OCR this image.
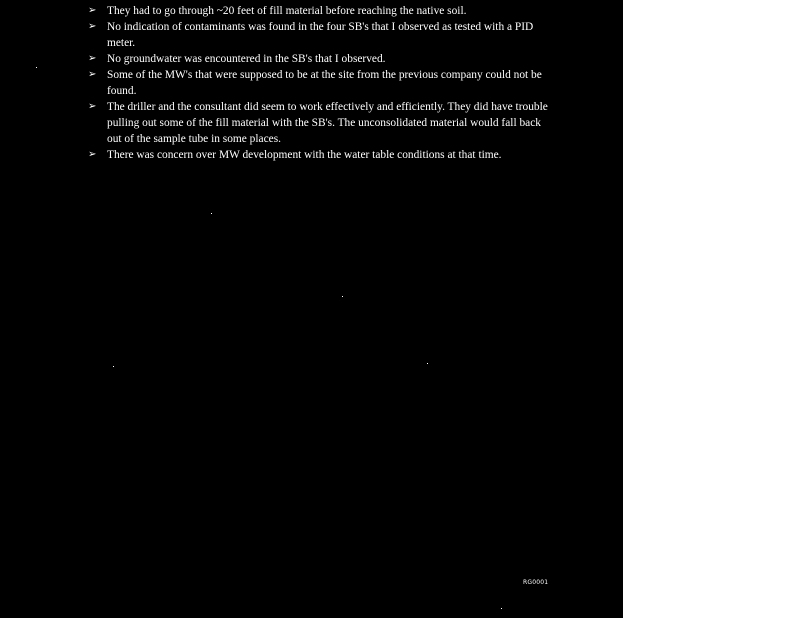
➢ They had to go through ~20 feet of fill material before reaching the native soil.
➢ No indication of contaminants was found in the four SB's that I observed as tested with a PID meter.
➢ No groundwater was encountered in the SB's that I observed.
➢ Some of the MW's that were supposed to be at the site from the previous company could not be found.
➢ The driller and the consultant did seem to work effectively and efficiently. They did have trouble pulling out some of the fill material with the SB's. The unconsolidated material would fall back out of the sample tube in some places.
➢ There was concern over MW development with the water table conditions at that time.
RG0001
